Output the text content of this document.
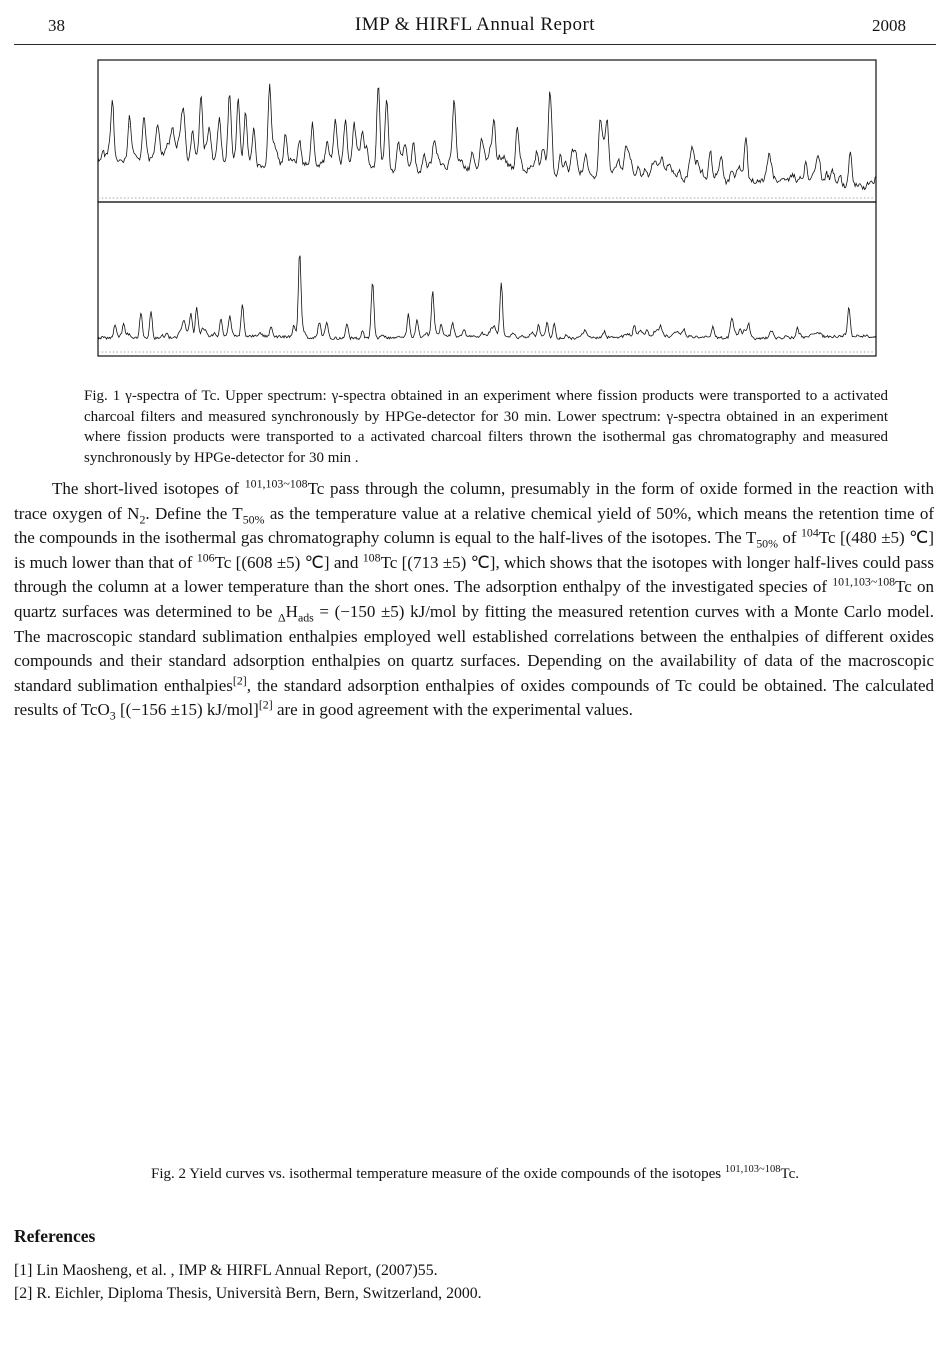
38	IMP & HIRFL Annual Report	2008
Fig. 1 γ-spectra of Tc. Upper spectrum: γ-spectra obtained in an experiment where fission products were transported to a activated charcoal filters and measured synchronously by HPGe-detector for 30 min. Lower spectrum: γ-spectra obtained in an experiment where fission products were transported to a activated charcoal filters thrown the isothermal gas chromatography and measured synchronously by HPGe-detector for 30 min .
The short-lived isotopes of $^{101,103\sim 108}$Tc pass through the column, presumably in the form of oxide formed in the reaction with trace oxygen of $N_2$. Define the $T_{50\%}$ as the temperature value at a relative chemical yield of 50%, which means the retention time of the compounds in the isothermal gas chromatography column is equal to the half-lives of the isotopes. The $T_{50\%}$ of $^{104}$Tc [(480 ±5) ℃] is much lower than that of $^{106}$Tc [(608 ±5) ℃] and $^{108}$Tc [(713 ±5) ℃], which shows that the isotopes with longer half-lives could pass through the column at a lower temperature than the short ones. The adsorption enthalpy of the investigated species of $^{101,103\sim 108}$Tc on quartz surfaces was determined to be $_\Delta H_{ads} = (-150 \pm 5)$ kJ/mol by fitting the measured retention curves with a Monte Carlo model. The macroscopic standard sublimation enthalpies employed well established correlations between the enthalpies of different oxides compounds and their standard adsorption enthalpies on quartz surfaces. Depending on the availability of data of the macroscopic standard sublimation enthalpies[2], the standard adsorption enthalpies of oxides compounds of Tc could be obtained. The calculated results of TcO$_3$ [(−156 ±15) kJ/mol][2] are in good agreement with the experimental values.
Fig. 2 Yield curves vs. isothermal temperature measure of the oxide compounds of the isotopes $^{101,103\sim 108}$Tc.
References
[1] Lin Maosheng, et al. , IMP & HIRFL Annual Report, (2007)55.
[2] R. Eichler, Diploma Thesis, Università Bern, Bern, Switzerland, 2000.
